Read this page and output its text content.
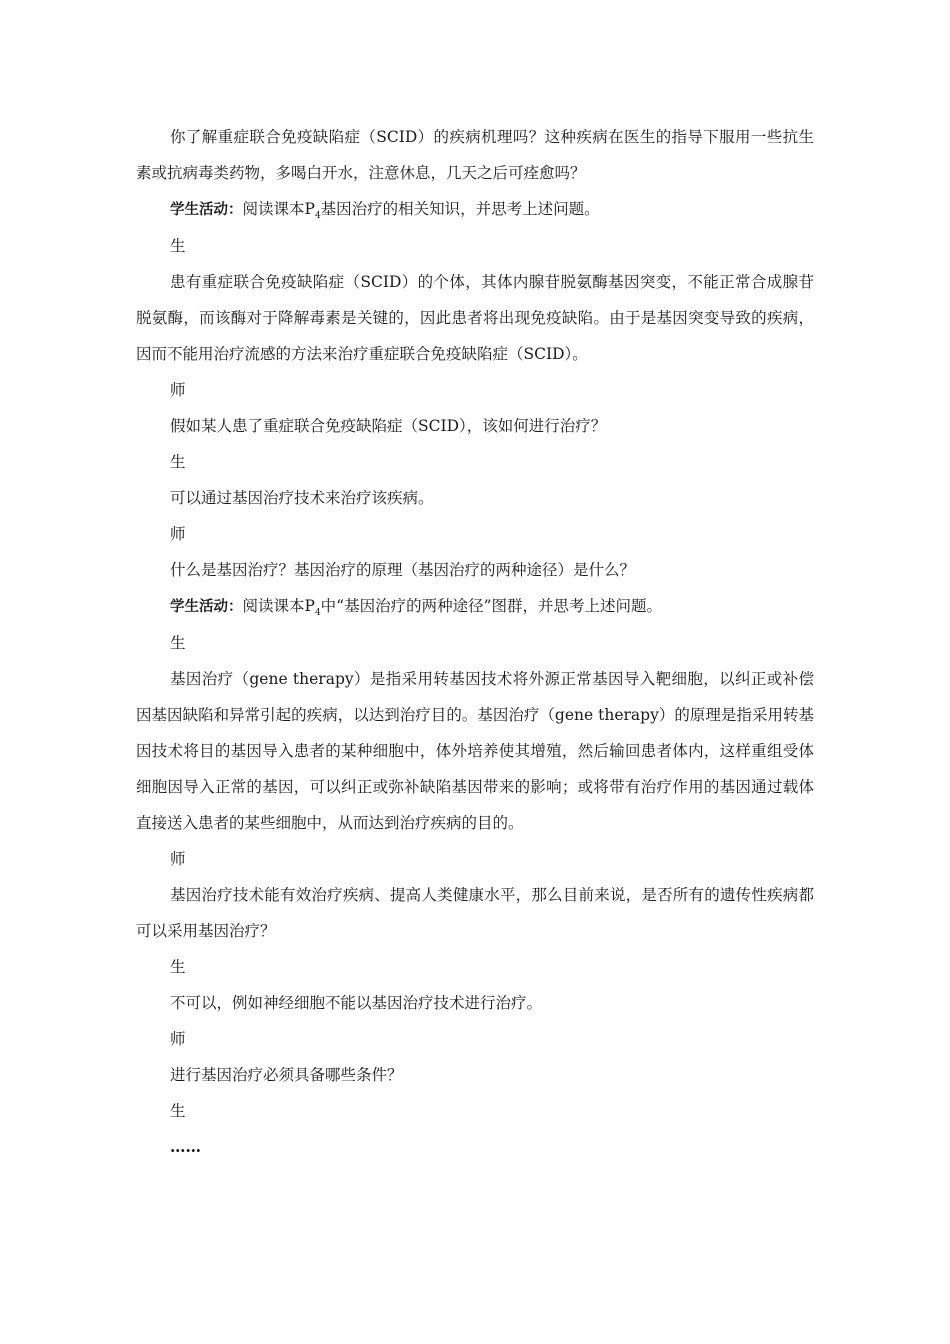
你了解重症联合免疫缺陷症（SCID）的疾病机理吗？这种疾病在医生的指导下服用一些抗生素或抗病毒类药物，多喝白开水，注意休息，几天之后可痊愈吗？

学生活动：阅读课本$P_4$基因治疗的相关知识，并思考上述问题。

生

患有重症联合免疫缺陷症（SCID）的个体，其体内腺苷脱氨酶基因突变，不能正常合成腺苷脱氨酶，而该酶对于降解毒素是关键的，因此患者将出现免疫缺陷。由于是基因突变导致的疾病，因而不能用治疗流感的方法来治疗重症联合免疫缺陷症（SCID）。

师

假如某人患了重症联合免疫缺陷症（SCID），该如何进行治疗？

生

可以通过基因治疗技术来治疗该疾病。

师

什么是基因治疗？基因治疗的原理（基因治疗的两种途径）是什么？

学生活动：阅读课本$P_4$中“基因治疗的两种途径”图群，并思考上述问题。

生

基因治疗（gene therapy）是指采用转基因技术将外源正常基因导入靶细胞，以纠正或补偿因基因缺陷和异常引起的疾病，以达到治疗目的。基因治疗（gene therapy）的原理是指采用转基因技术将目的基因导入患者的某种细胞中，体外培养使其增殖，然后输回患者体内，这样重组受体细胞因导入正常的基因，可以纠正或弥补缺陷基因带来的影响；或将带有治疗作用的基因通过载体直接送入患者的某些细胞中，从而达到治疗疾病的目的。

师

基因治疗技术能有效治疗疾病、提高人类健康水平，那么目前来说，是否所有的遗传性疾病都可以采用基因治疗？

生

不可以，例如神经细胞不能以基因治疗技术进行治疗。

师

进行基因治疗必须具备哪些条件？

生

……
